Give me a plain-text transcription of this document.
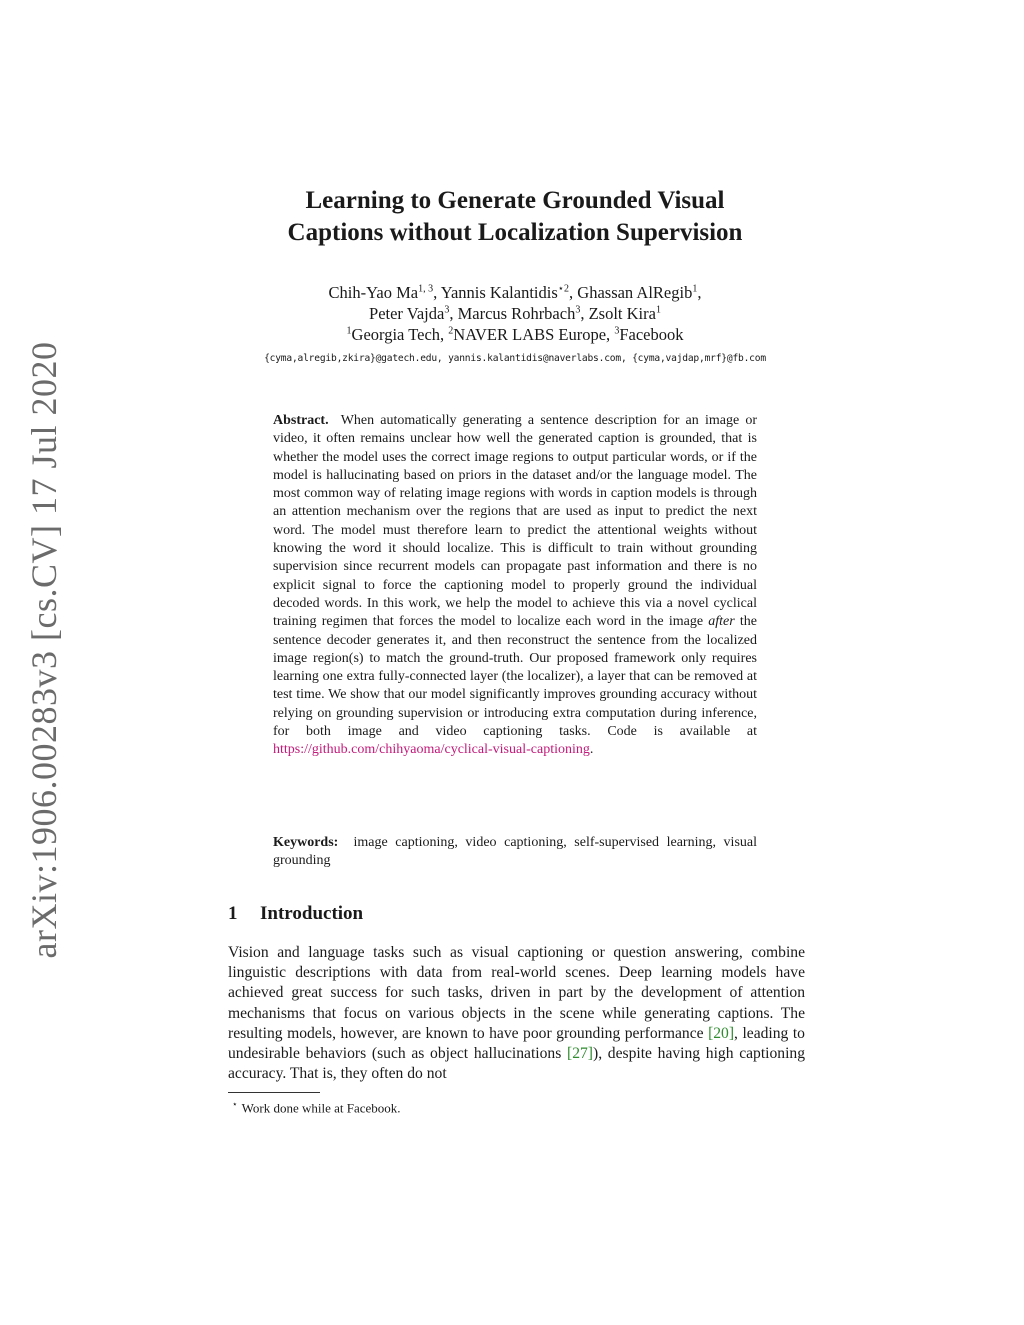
arXiv:1906.00283v3 [cs.CV] 17 Jul 2020
Learning to Generate Grounded Visual
Captions without Localization Supervision
Chih-Yao Ma$^{1, 3}$, Yannis Kalantidis$^{⋆2}$, Ghassan AlRegib$^1$,
Peter Vajda$^3$, Marcus Rohrbach$^3$, Zsolt Kira$^1$
$^1$Georgia Tech, $^2$NAVER LABS Europe, $^3$Facebook
{cyma,alregib,zkira}@gatech.edu, yannis.kalantidis@naverlabs.com, {cyma,vajdap,mrf}@fb.com
Abstract. When automatically generating a sentence description for an image or video, it often remains unclear how well the generated caption is grounded, that is whether the model uses the correct image regions to output particular words, or if the model is hallucinating based on priors in the dataset and/or the language model. The most common way of relating image regions with words in caption models is through an attention mechanism over the regions that are used as input to predict the next word. The model must therefore learn to predict the attentional weights without knowing the word it should localize. This is difficult to train without grounding supervision since recurrent models can propagate past information and there is no explicit signal to force the captioning model to properly ground the individual decoded words. In this work, we help the model to achieve this via a novel cyclical training regimen that forces the model to localize each word in the image after the sentence decoder generates it, and then reconstruct the sentence from the localized image region(s) to match the ground-truth. Our proposed framework only requires learning one extra fully-connected layer (the localizer), a layer that can be removed at test time. We show that our model significantly improves grounding accuracy without relying on grounding supervision or introducing extra computation during inference, for both image and video captioning tasks. Code is available at https://github.com/chihyaoma/cyclical-visual-captioning.
Keywords: image captioning, video captioning, self-supervised learning, visual grounding
1 Introduction
Vision and language tasks such as visual captioning or question answering, combine linguistic descriptions with data from real-world scenes. Deep learning models have achieved great success for such tasks, driven in part by the development of attention mechanisms that focus on various objects in the scene while generating captions. The resulting models, however, are known to have poor grounding performance [20], leading to undesirable behaviors (such as object hallucinations [27]), despite having high captioning accuracy. That is, they often do not
⋆ Work done while at Facebook.
